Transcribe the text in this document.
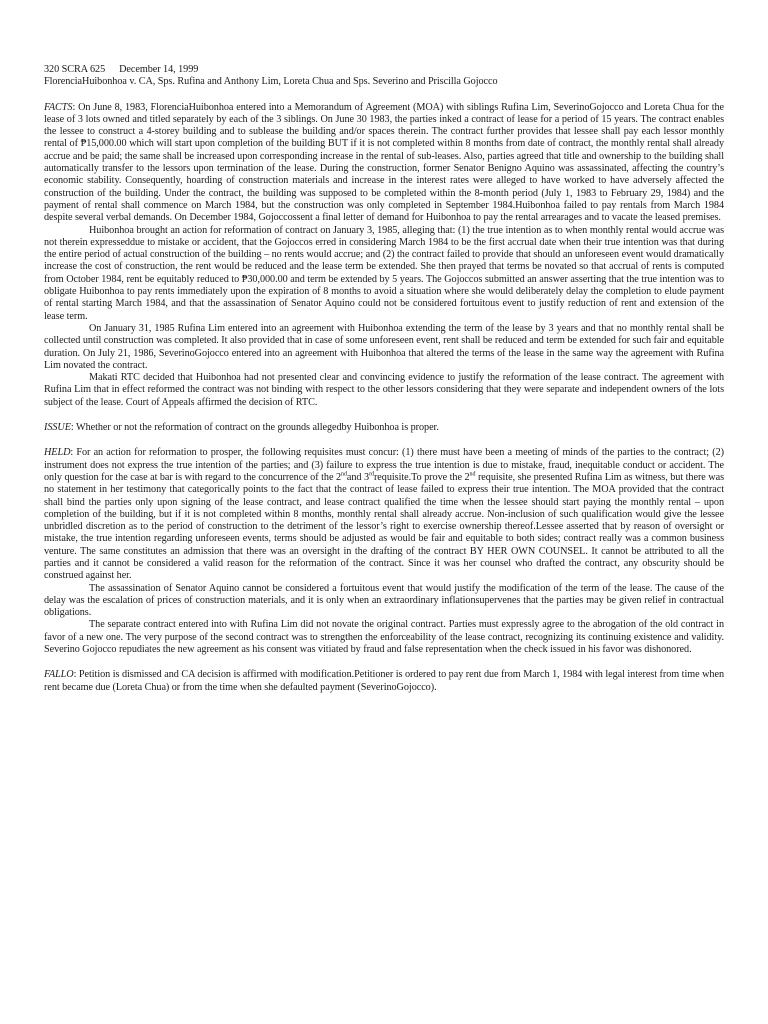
320 SCRA 625 December 14, 1999

FlorenciaHuibonhoa v. CA, Sps. Rufina and Anthony Lim, Loreta Chua and Sps. Severino and Priscilla Gojocco

FACTS: On June 8, 1983, FlorenciaHuibonhoa entered into a Memorandum of Agreement (MOA) with siblings Rufina Lim, SeverinoGojocco and Loreta Chua for the lease of 3 lots owned and titled separately by each of the 3 siblings. On June 30 1983, the parties inked a contract of lease for a period of 15 years. The contract enables the lessee to construct a 4-storey building and to sublease the building and/or spaces therein. The contract further provides that lessee shall pay each lessor monthly rental of ₱15,000.00 which will start upon completion of the building BUT if it is not completed within 8 months from date of contract, the monthly rental shall already accrue and be paid; the same shall be increased upon corresponding increase in the rental of sub-leases. Also, parties agreed that title and ownership to the building shall automatically transfer to the lessors upon termination of the lease. During the construction, former Senator Benigno Aquino was assassinated, affecting the country’s economic stability. Consequently, hoarding of construction materials and increase in the interest rates were alleged to have worked to have adversely affected the construction of the building. Under the contract, the building was supposed to be completed within the 8-month period (July 1, 1983 to February 29, 1984) and the payment of rental shall commence on March 1984, but the construction was only completed in September 1984.Huibonhoa failed to pay rentals from March 1984 despite several verbal demands. On December 1984, Gojoccossent a final letter of demand for Huibonhoa to pay the rental arrearages and to vacate the leased premises.

Huibonhoa brought an action for reformation of contract on January 3, 1985, alleging that: (1) the true intention as to when monthly rental would accrue was not therein expresseddue to mistake or accident, that the Gojoccos erred in considering March 1984 to be the first accrual date when their true intention was that during the entire period of actual construction of the building – no rents would accrue; and (2) the contract failed to provide that should an unforeseen event would dramatically increase the cost of construction, the rent would be reduced and the lease term be extended. She then prayed that terms be novated so that accrual of rents is computed from October 1984, rent be equitably reduced to ₱30,000.00 and term be extended by 5 years. The Gojoccos submitted an answer asserting that the true intention was to obligate Huibonhoa to pay rents immediately upon the expiration of 8 months to avoid a situation where she would deliberately delay the completion to elude payment of rental starting March 1984, and that the assassination of Senator Aquino could not be considered fortuitous event to justify reduction of rent and extension of the lease term.

On January 31, 1985 Rufina Lim entered into an agreement with Huibonhoa extending the term of the lease by 3 years and that no monthly rental shall be collected until construction was completed. It also provided that in case of some unforeseen event, rent shall be reduced and term be extended for such fair and equitable duration. On July 21, 1986, SeverinoGojocco entered into an agreement with Huibonhoa that altered the terms of the lease in the same way the agreement with Rufina Lim novated the contract.

Makati RTC decided that Huibonhoa had not presented clear and convincing evidence to justify the reformation of the lease contract. The agreement with Rufina Lim that in effect reformed the contract was not binding with respect to the other lessors considering that they were separate and independent owners of the lots subject of the lease. Court of Appeals affirmed the decision of RTC.

ISSUE: Whether or not the reformation of contract on the grounds allegedby Huibonhoa is proper.

HELD: For an action for reformation to prosper, the following requisites must concur: (1) there must have been a meeting of minds of the parties to the contract; (2) instrument does not express the true intention of the parties; and (3) failure to express the true intention is due to mistake, fraud, inequitable conduct or accident. The only question for the case at bar is with regard to the concurrence of the 2ndand 3rdrequisite.To prove the 2nd requisite, she presented Rufina Lim as witness, but there was no statement in her testimony that categorically points to the fact that the contract of lease failed to express their true intention. The MOA provided that the contract shall bind the parties only upon signing of the lease contract, and lease contract qualified the time when the lessee should start paying the monthly rental – upon completion of the building, but if it is not completed within 8 months, monthly rental shall already accrue. Non-inclusion of such qualification would give the lessee unbridled discretion as to the period of construction to the detriment of the lessor’s right to exercise ownership thereof.Lessee asserted that by reason of oversight or mistake, the true intention regarding unforeseen events, terms should be adjusted as would be fair and equitable to both sides; contract really was a common business venture. The same constitutes an admission that there was an oversight in the drafting of the contract BY HER OWN COUNSEL. It cannot be attributed to all the parties and it cannot be considered a valid reason for the reformation of the contract. Since it was her counsel who drafted the contract, any obscurity should be construed against her.

The assassination of Senator Aquino cannot be considered a fortuitous event that would justify the modification of the term of the lease. The cause of the delay was the escalation of prices of construction materials, and it is only when an extraordinary inflationsupervenes that the parties may be given relief in contractual obligations.

The separate contract entered into with Rufina Lim did not novate the original contract. Parties must expressly agree to the abrogation of the old contract in favor of a new one. The very purpose of the second contract was to strengthen the enforceability of the lease contract, recognizing its continuing existence and validity. Severino Gojocco repudiates the new agreement as his consent was vitiated by fraud and false representation when the check issued in his favor was dishonored.

FALLO: Petition is dismissed and CA decision is affirmed with modification.Petitioner is ordered to pay rent due from March 1, 1984 with legal interest from time when rent became due (Loreta Chua) or from the time when she defaulted payment (SeverinoGojocco).
